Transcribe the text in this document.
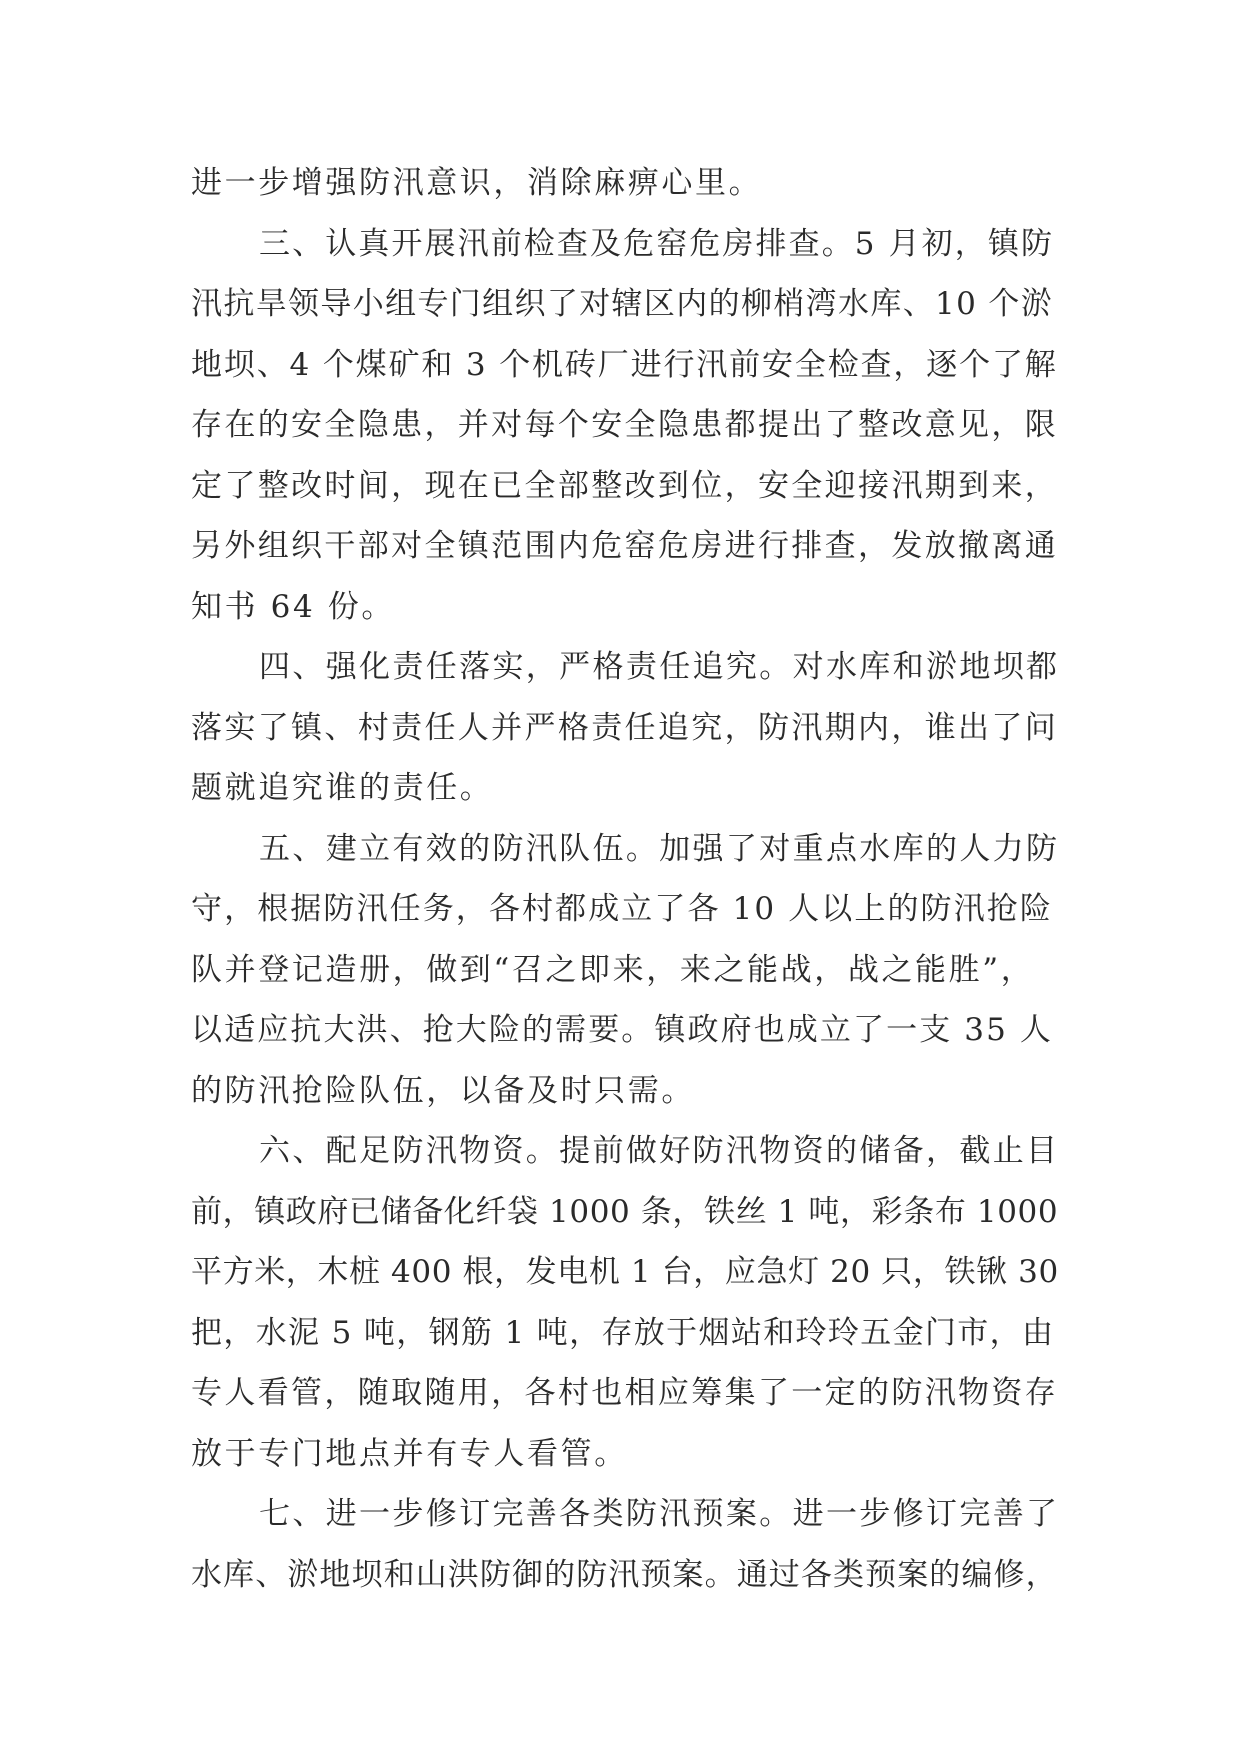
进一步增强防汛意识，消除麻痹心里。
三、认真开展汛前检查及危窑危房排查。5 月初，镇防
汛抗旱领导小组专门组织了对辖区内的柳梢湾水库、10 个淤
地坝、4 个煤矿和 3 个机砖厂进行汛前安全检查，逐个了解
存在的安全隐患，并对每个安全隐患都提出了整改意见，限
定了整改时间，现在已全部整改到位，安全迎接汛期到来，
另外组织干部对全镇范围内危窑危房进行排查，发放撤离通
知书 64 份。
四、强化责任落实，严格责任追究。对水库和淤地坝都
落实了镇、村责任人并严格责任追究，防汛期内，谁出了问
题就追究谁的责任。
五、建立有效的防汛队伍。加强了对重点水库的人力防
守，根据防汛任务，各村都成立了各 10 人以上的防汛抢险
队并登记造册，做到“召之即来，来之能战，战之能胜”，
以适应抗大洪、抢大险的需要。镇政府也成立了一支 35 人
的防汛抢险队伍，以备及时只需。
六、配足防汛物资。提前做好防汛物资的储备，截止目
前，镇政府已储备化纤袋 1000 条，铁丝 1 吨，彩条布 1000
平方米，木桩 400 根，发电机 1 台，应急灯 20 只，铁锹 30
把，水泥 5 吨，钢筋 1 吨，存放于烟站和玲玲五金门市，由
专人看管，随取随用，各村也相应筹集了一定的防汛物资存
放于专门地点并有专人看管。
七、进一步修订完善各类防汛预案。进一步修订完善了
水库、淤地坝和山洪防御的防汛预案。通过各类预案的编修，
